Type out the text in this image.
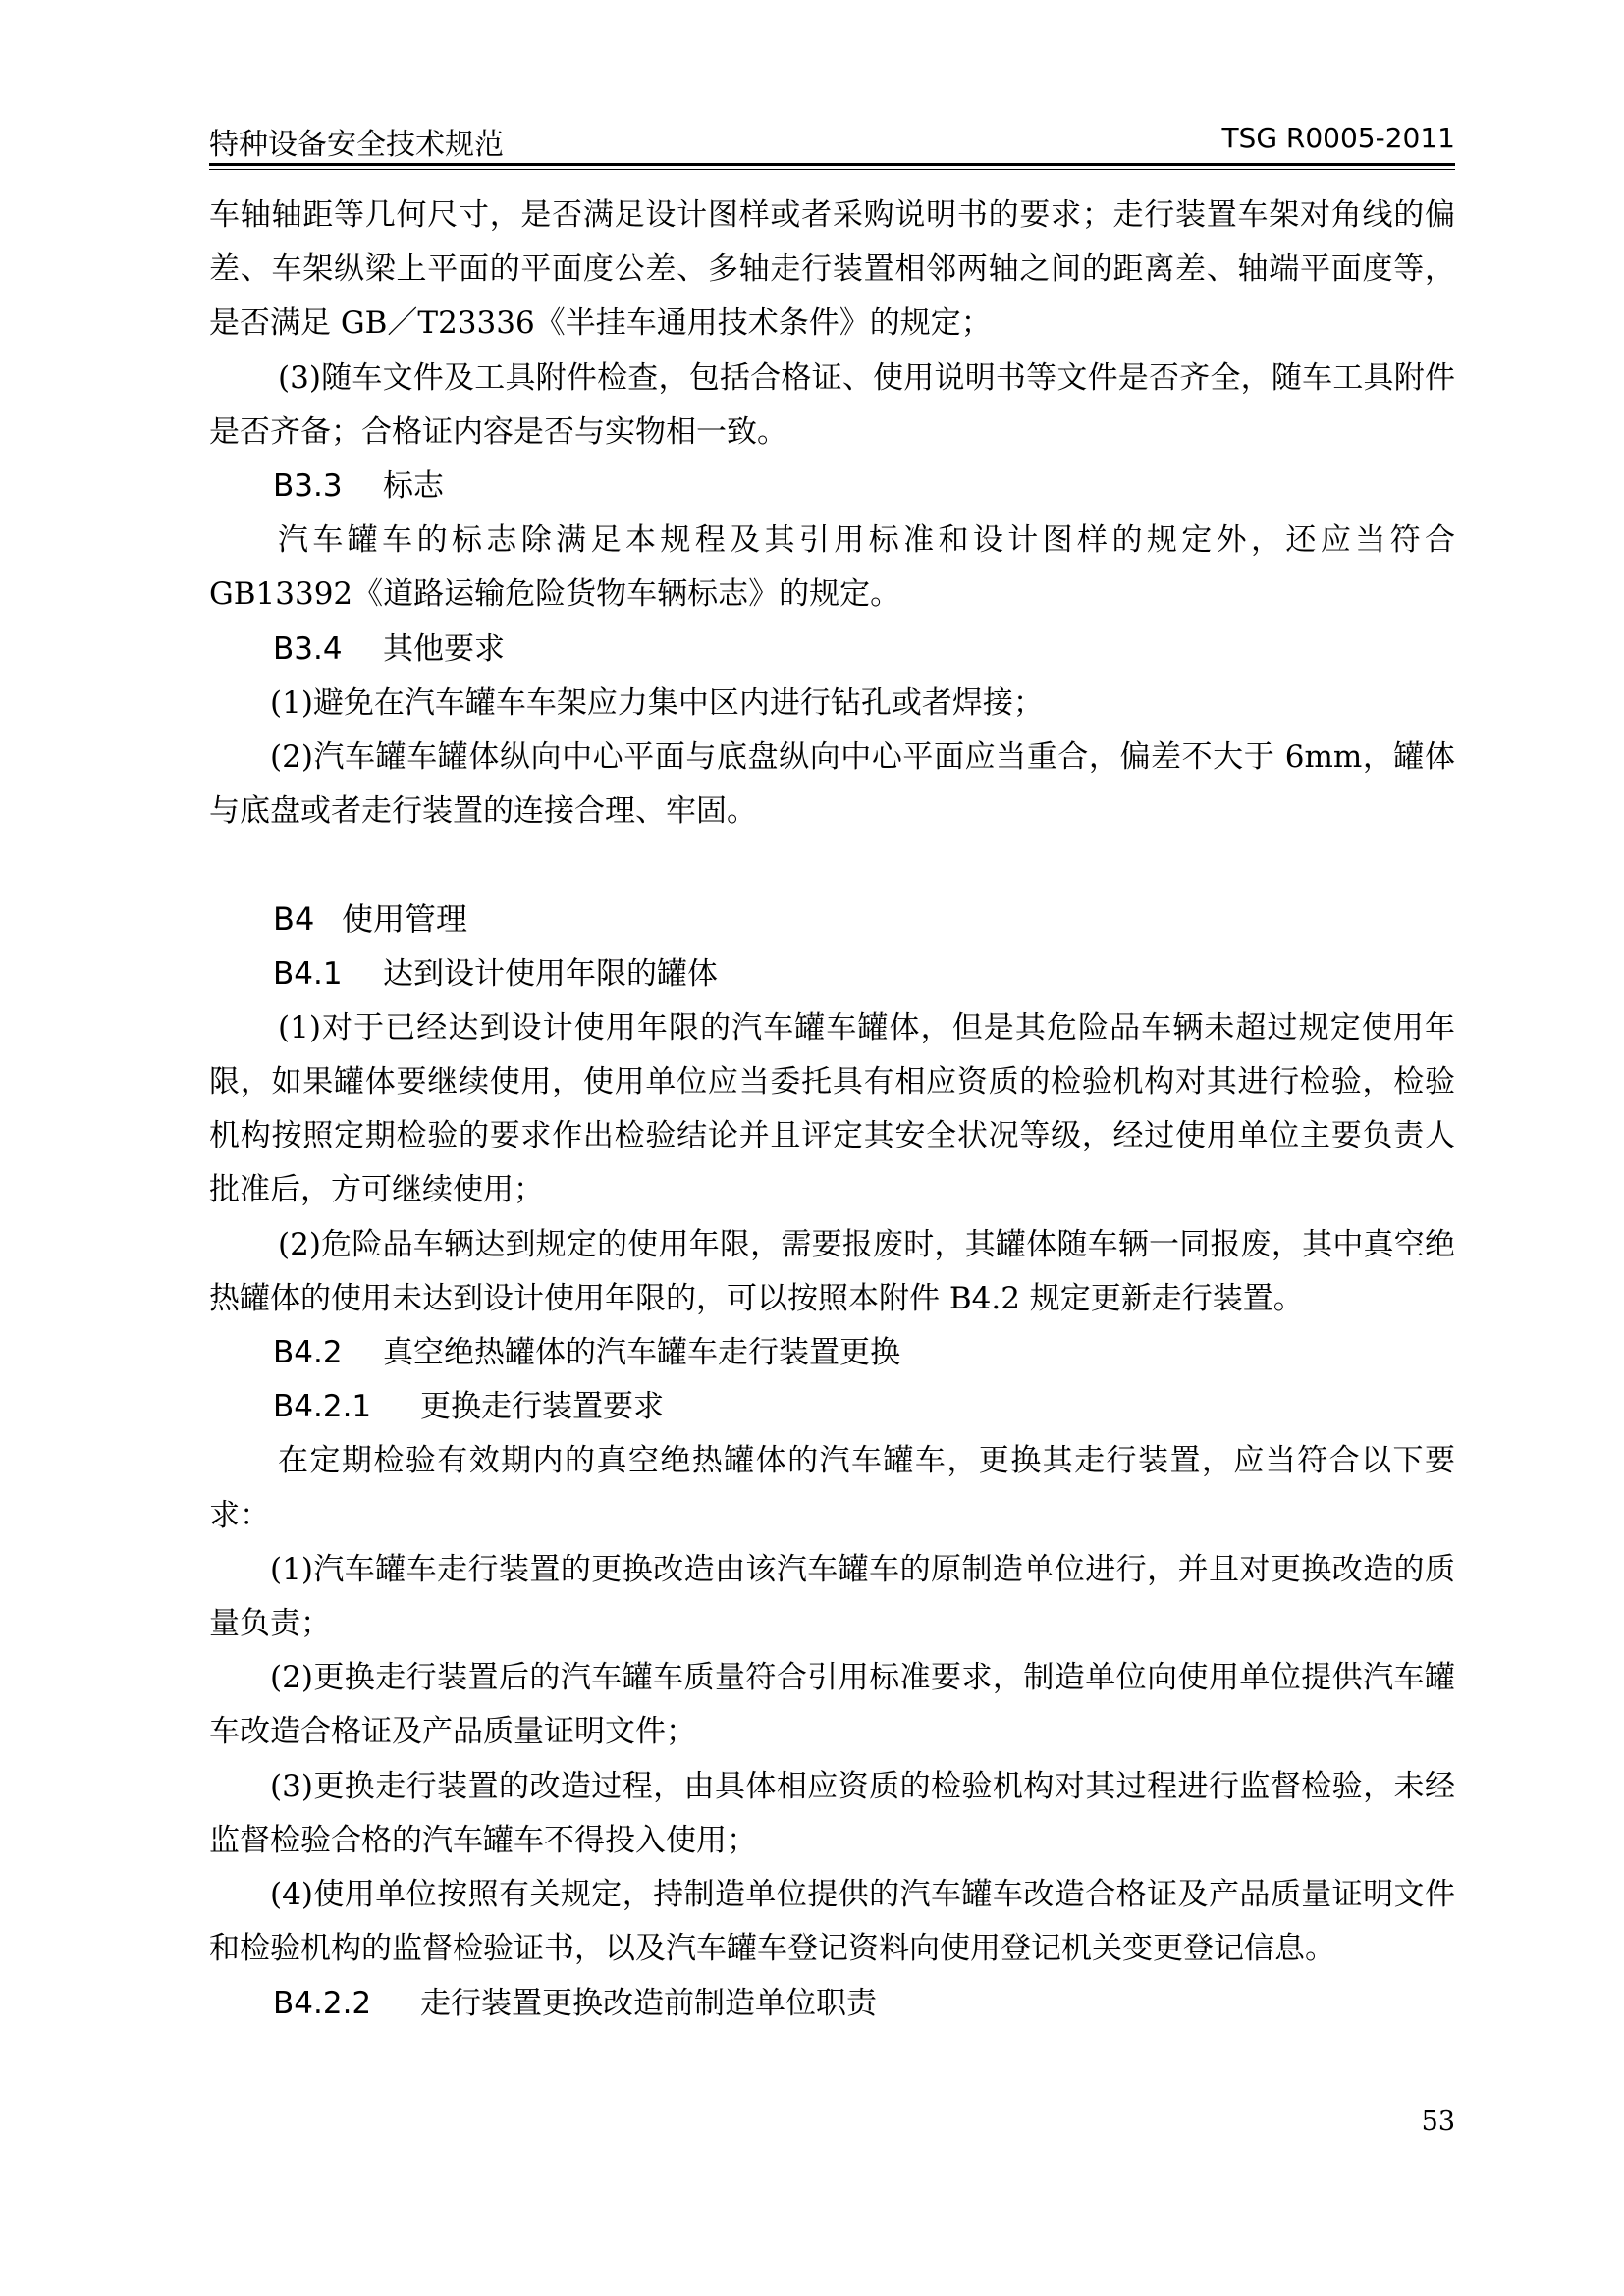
特种设备安全技术规范	TSG R0005-2011

车轴轴距等几何尺寸，是否满足设计图样或者采购说明书的要求；走行装置车架对角线的偏差、车架纵梁上平面的平面度公差、多轴走行装置相邻两轴之间的距离差、轴端平面度等，是否满足 GB／T23336《半挂车通用技术条件》的规定；

(3)随车文件及工具附件检查，包括合格证、使用说明书等文件是否齐全，随车工具附件是否齐备；合格证内容是否与实物相一致。

B3.3 标志

汽车罐车的标志除满足本规程及其引用标准和设计图样的规定外，还应当符合GB13392《道路运输危险货物车辆标志》的规定。

B3.4 其他要求

(1)避免在汽车罐车车架应力集中区内进行钻孔或者焊接；

(2)汽车罐车罐体纵向中心平面与底盘纵向中心平面应当重合，偏差不大于 6mm，罐体与底盘或者走行装置的连接合理、牢固。

B4 使用管理

B4.1 达到设计使用年限的罐体

(1)对于已经达到设计使用年限的汽车罐车罐体，但是其危险品车辆未超过规定使用年限，如果罐体要继续使用，使用单位应当委托具有相应资质的检验机构对其进行检验，检验机构按照定期检验的要求作出检验结论并且评定其安全状况等级，经过使用单位主要负责人批准后，方可继续使用；

(2)危险品车辆达到规定的使用年限，需要报废时，其罐体随车辆一同报废，其中真空绝热罐体的使用未达到设计使用年限的，可以按照本附件 B4.2 规定更新走行装置。

B4.2 真空绝热罐体的汽车罐车走行装置更换

B4.2.1 更换走行装置要求

在定期检验有效期内的真空绝热罐体的汽车罐车，更换其走行装置，应当符合以下要求：

(1)汽车罐车走行装置的更换改造由该汽车罐车的原制造单位进行，并且对更换改造的质量负责；

(2)更换走行装置后的汽车罐车质量符合引用标准要求，制造单位向使用单位提供汽车罐车改造合格证及产品质量证明文件；

(3)更换走行装置的改造过程，由具体相应资质的检验机构对其过程进行监督检验，未经监督检验合格的汽车罐车不得投入使用；

(4)使用单位按照有关规定，持制造单位提供的汽车罐车改造合格证及产品质量证明文件和检验机构的监督检验证书，以及汽车罐车登记资料向使用登记机关变更登记信息。

B4.2.2 走行装置更换改造前制造单位职责

53
